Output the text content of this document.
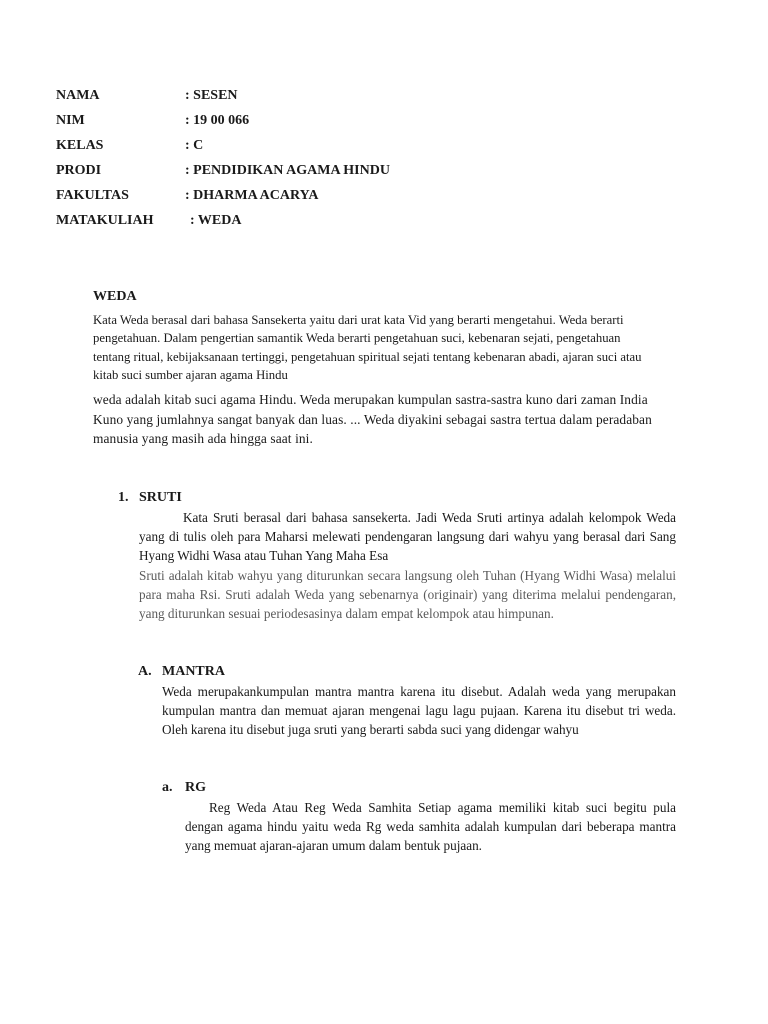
NAMA	: SESEN
NIM	: 19 00 066
KELAS	: C
PRODI	: PENDIDIKAN AGAMA HINDU
FAKULTAS	: DHARMA ACARYA
MATAKULIAH	: WEDA
WEDA

Kata Weda berasal dari bahasa Sansekerta yaitu dari urat kata Vid yang berarti mengetahui. Weda berarti pengetahuan. Dalam pengertian samantik Weda berarti pengetahuan suci, kebenaran sejati, pengetahuan tentang ritual, kebijaksanaan tertinggi, pengetahuan spiritual sejati tentang kebenaran abadi, ajaran suci atau kitab suci sumber ajaran agama Hindu

weda adalah kitab suci agama Hindu. Weda merupakan kumpulan sastra-sastra kuno dari zaman India Kuno yang jumlahnya sangat banyak dan luas. ... Weda diyakini sebagai sastra tertua dalam peradaban manusia yang masih ada hingga saat ini.

1. SRUTI

Kata Sruti berasal dari bahasa sansekerta. Jadi Weda Sruti artinya adalah kelompok Weda yang di tulis oleh para Maharsi melewati pendengaran langsung dari wahyu yang berasal dari Sang Hyang Widhi Wasa atau Tuhan Yang Maha Esa

Sruti adalah kitab wahyu yang diturunkan secara langsung oleh Tuhan (Hyang Widhi Wasa) melalui para maha Rsi. Sruti adalah Weda yang sebenarnya (originair) yang diterima melalui pendengaran, yang diturunkan sesuai periodesasinya dalam empat kelompok atau himpunan.

A. MANTRA

Weda merupakankumpulan mantra mantra karena itu disebut. Adalah weda yang merupakan kumpulan mantra dan memuat ajaran mengenai lagu lagu pujaan. Karena itu disebut tri weda. Oleh karena itu disebut juga sruti yang berarti sabda suci yang didengar wahyu

a. RG

Reg Weda Atau Reg Weda Samhita Setiap agama memiliki kitab suci begitu pula dengan agama hindu yaitu weda Rg weda samhita adalah kumpulan dari beberapa mantra yang memuat ajaran-ajaran umum dalam bentuk pujaan.
